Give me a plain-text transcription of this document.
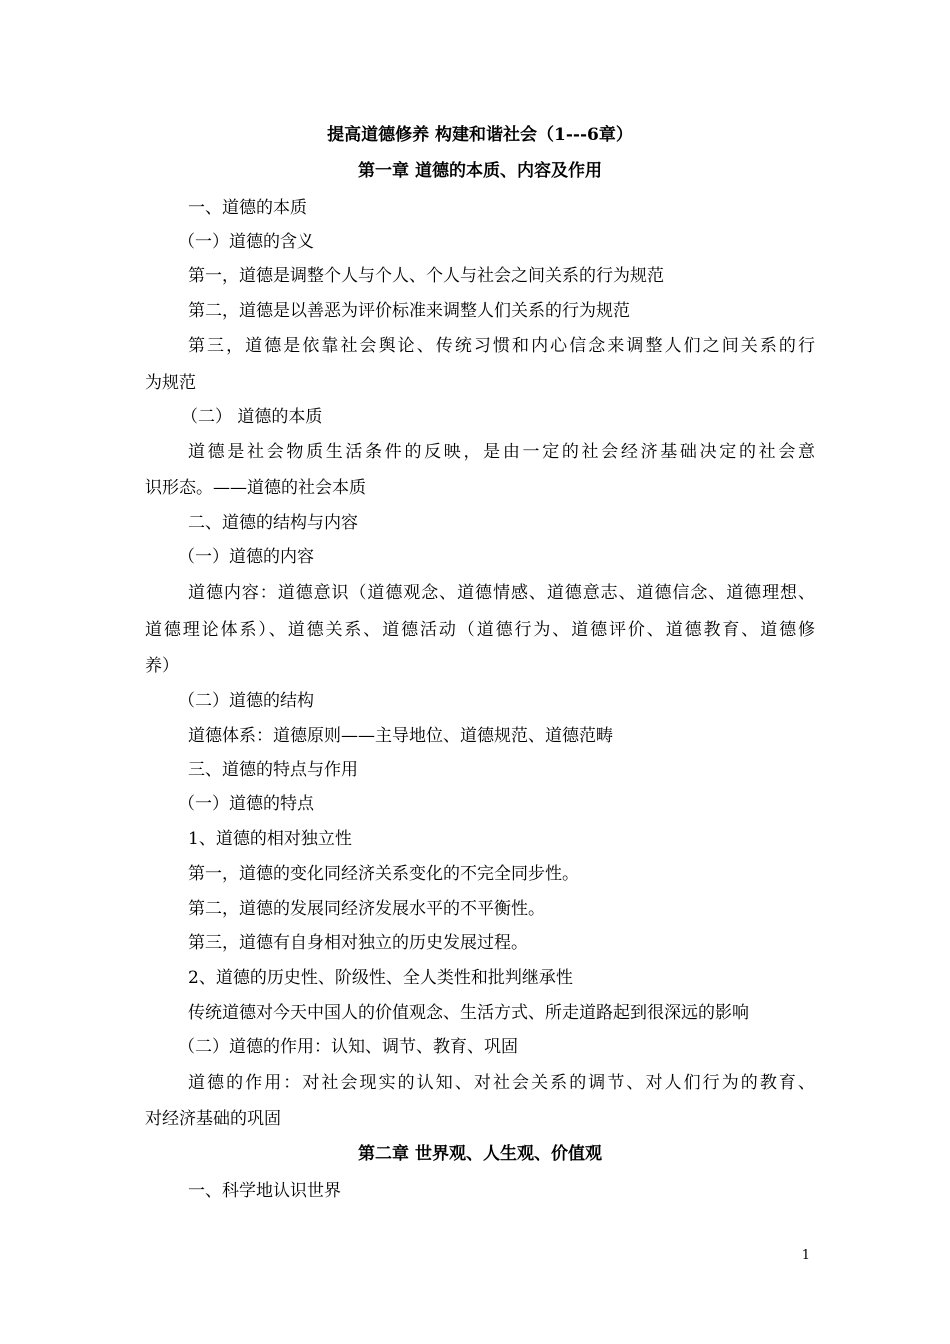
提高道德修养 构建和谐社会（1---6章）
第一章 道德的本质、内容及作用
一、道德的本质
（一）道德的含义
第一，道德是调整个人与个人、个人与社会之间关系的行为规范
第二，道德是以善恶为评价标准来调整人们关系的行为规范
第三，道德是依靠社会舆论、传统习惯和内心信念来调整人们之间关系的行
为规范
（二） 道德的本质
道德是社会物质生活条件的反映，是由一定的社会经济基础决定的社会意
识形态。——道德的社会本质
二、道德的结构与内容
（一）道德的内容
道德内容：道德意识（道德观念、道德情感、道德意志、道德信念、道德理想、
道德理论体系）、道德关系、道德活动（道德行为、道德评价、道德教育、道德修
养）
（二）道德的结构
道德体系：道德原则——主导地位、道德规范、道德范畴
三、道德的特点与作用
（一）道德的特点
1、道德的相对独立性
第一，道德的变化同经济关系变化的不完全同步性。
第二，道德的发展同经济发展水平的不平衡性。
第三，道德有自身相对独立的历史发展过程。
2、道德的历史性、阶级性、全人类性和批判继承性
传统道德对今天中国人的价值观念、生活方式、所走道路起到很深远的影响
（二）道德的作用：认知、调节、教育、巩固
道德的作用：对社会现实的认知、对社会关系的调节、对人们行为的教育、
对经济基础的巩固
第二章 世界观、人生观、价值观
一、科学地认识世界
1
